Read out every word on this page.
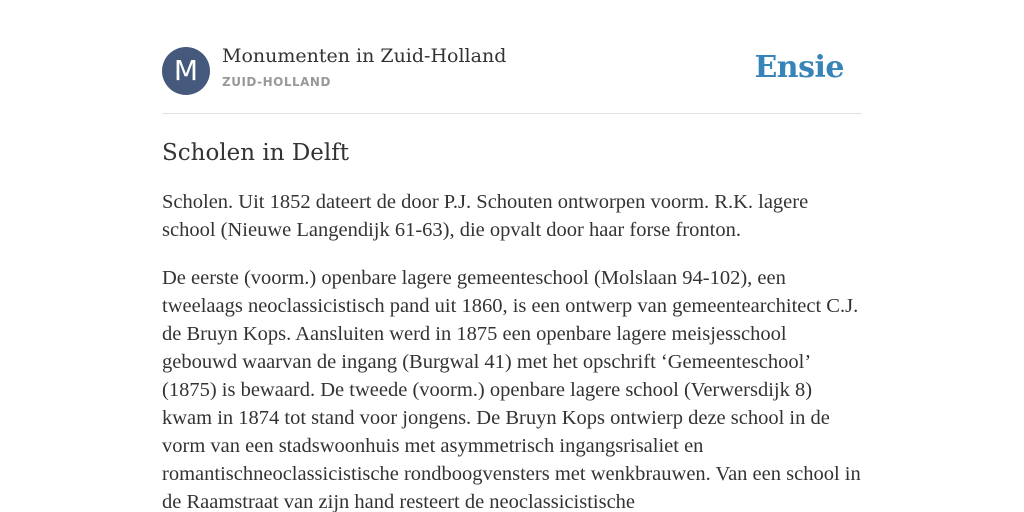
M	Monumenten in Zuid-Holland
ZUID-HOLLAND	Ensie
Scholen in Delft

Scholen. Uit 1852 dateert de door P.J. Schouten ontworpen voorm. R.K. lagere school (Nieuwe Langendijk 61-63), die opvalt door haar forse fronton.

De eerste (voorm.) openbare lagere gemeenteschool (Molslaan 94-102), een tweelaags neoclassicistisch pand uit 1860, is een ontwerp van gemeentearchitect C.J. de Bruyn Kops. Aansluiten werd in 1875 een openbare lagere meisjesschool gebouwd waarvan de ingang (Burgwal 41) met het opschrift ‘Gemeenteschool’ (1875) is bewaard. De tweede (voorm.) openbare lagere school (Verwersdijk 8) kwam in 1874 tot stand voor jongens. De Bruyn Kops ontwierp deze school in de vorm van een stadswoonhuis met asymmetrisch ingangsrisaliet en romantischneoclassicistische rondboogvensters met wenkbrauwen. Van een school in de Raamstraat van zijn hand resteert de neoclassicistische
